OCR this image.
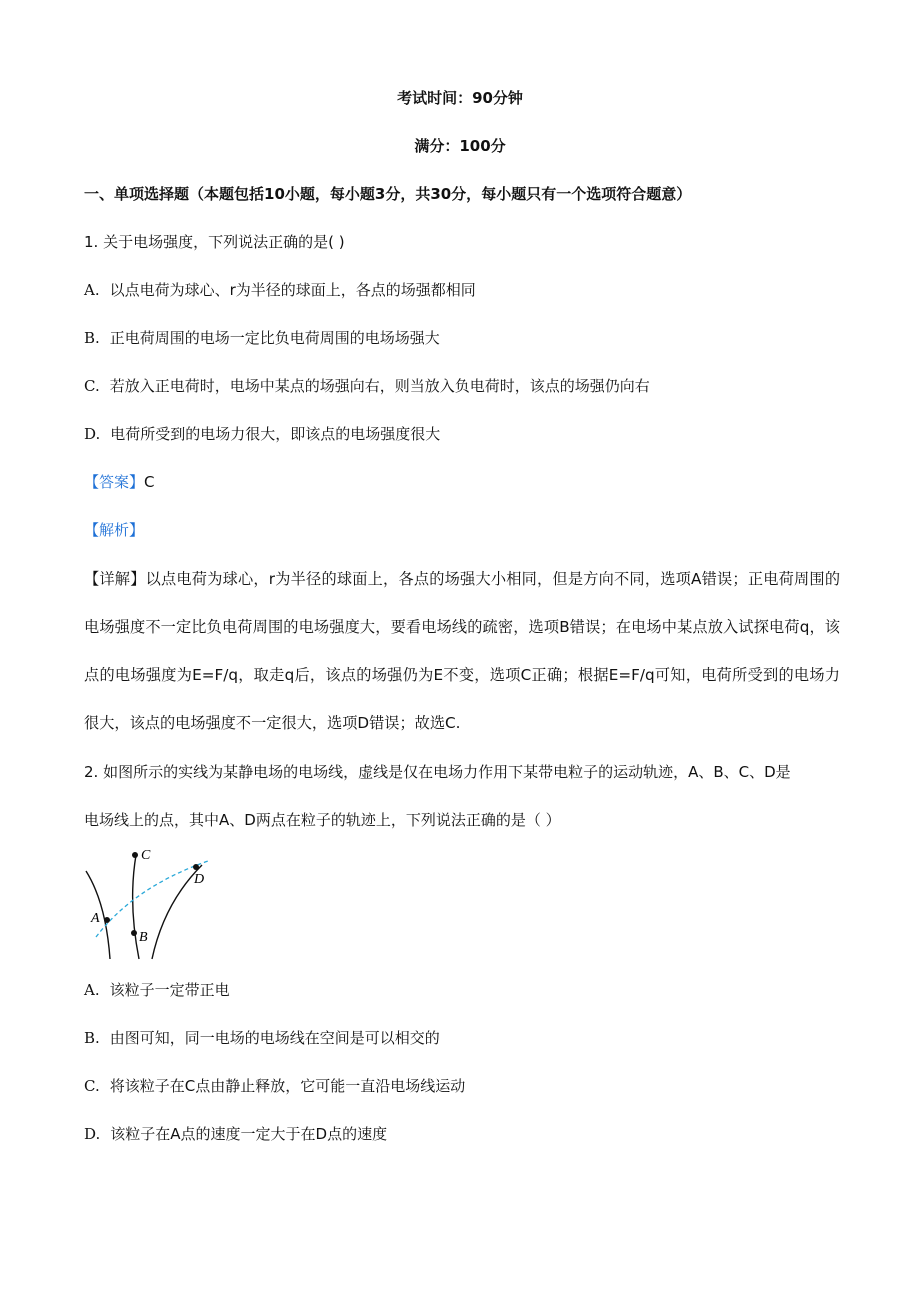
考试时间：90分钟
满分：100分
一、单项选择题（本题包括10小题，每小题3分，共30分，每小题只有一个选项符合题意）
1. 关于电场强度，下列说法正确的是( )
A. 以点电荷为球心、r为半径的球面上，各点的场强都相同
B. 正电荷周围的电场一定比负电荷周围的电场场强大
C. 若放入正电荷时，电场中某点的场强向右，则当放入负电荷时，该点的场强仍向右
D. 电荷所受到的电场力很大，即该点的电场强度很大
【答案】C
【解析】
【详解】以点电荷为球心，r为半径的球面上，各点的场强大小相同，但是方向不同，选项A错误；正电荷周围的电场强度不一定比负电荷周围的电场强度大，要看电场线的疏密，选项B错误；在电场中某点放入试探电荷q，该点的电场强度为E=F/q，取走q后，该点的场强仍为E不变，选项C正确；根据E=F/q可知，电荷所受到的电场力很大，该点的电场强度不一定很大，选项D错误；故选C.
2. 如图所示的实线为某静电场的电场线，虚线是仅在电场力作用下某带电粒子的运动轨迹，A、B、C、D是
电场线上的点，其中A、D两点在粒子的轨迹上，下列说法正确的是（ ）
A
B
C
D
A. 该粒子一定带正电
B. 由图可知，同一电场的电场线在空间是可以相交的
C. 将该粒子在C点由静止释放，它可能一直沿电场线运动
D. 该粒子在A点的速度一定大于在D点的速度
